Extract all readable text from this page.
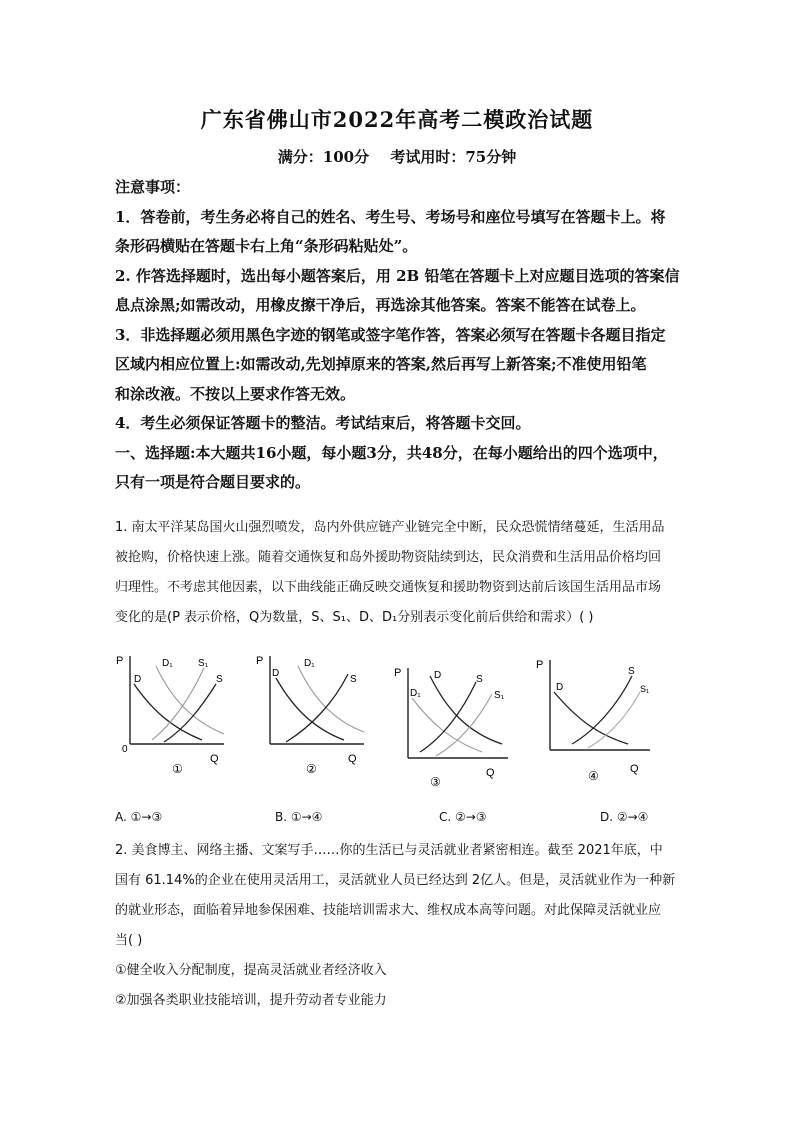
广东省佛山市2022年高考二模政治试题
满分：100分 考试用时：75分钟
注意事项：
1．答卷前，考生务必将自己的姓名、考生号、考场号和座位号填写在答题卡上。将
条形码横贴在答题卡右上角“条形码粘贴处”。
2. 作答选择题时，选出每小题答案后，用 2B 铅笔在答题卡上对应题目选项的答案信
息点涂黑;如需改动，用橡皮擦干净后，再选涂其他答案。答案不能答在试卷上。
3．非选择题必须用黑色字迹的钢笔或签字笔作答，答案必须写在答题卡各题目指定
区域内相应位置上:如需改动,先划掉原来的答案,然后再写上新答案;不准使用铅笔
和涂改液。不按以上要求作答无效。
4．考生必须保证答题卡的整洁。考试结束后，将答题卡交回。
一、选择题:本大题共16小题，每小题3分，共48分，在每小题给出的四个选项中，
只有一项是符合题目要求的。
1. 南太平洋某岛国火山强烈喷发，岛内外供应链产业链完全中断，民众恐慌情绪蔓延，生活用品
被抢购，价格快速上涨。随着交通恢复和岛外援助物资陆续到达，民众消费和生活用品价格均回
归理性。不考虑其他因素，以下曲线能正确反映交通恢复和援助物资到达前后该国生活用品市场
变化的是(P 表示价格，Q为数量，S、S₁、D、D₁分别表示变化前后供给和需求）( )
P
0
Q
D
D₁	S₁
S
①
P
Q
D
D₁
S
②
P
Q
D₁
D	S
S₁
③
P
Q
D
S
S₁
④
A. ①→③	B. ①→④	C. ②→③	D. ②→④
2. 美食博主、网络主播、文案写手……你的生活已与灵活就业者紧密相连。截至 2021年底，中
国有 61.14%的企业在使用灵活用工，灵活就业人员已经达到 2亿人。但是，灵活就业作为一种新
的就业形态，面临着异地参保困难、技能培训需求大、维权成本高等问题。对此保障灵活就业应
当( )
①健全收入分配制度，提高灵活就业者经济收入
②加强各类职业技能培训，提升劳动者专业能力
